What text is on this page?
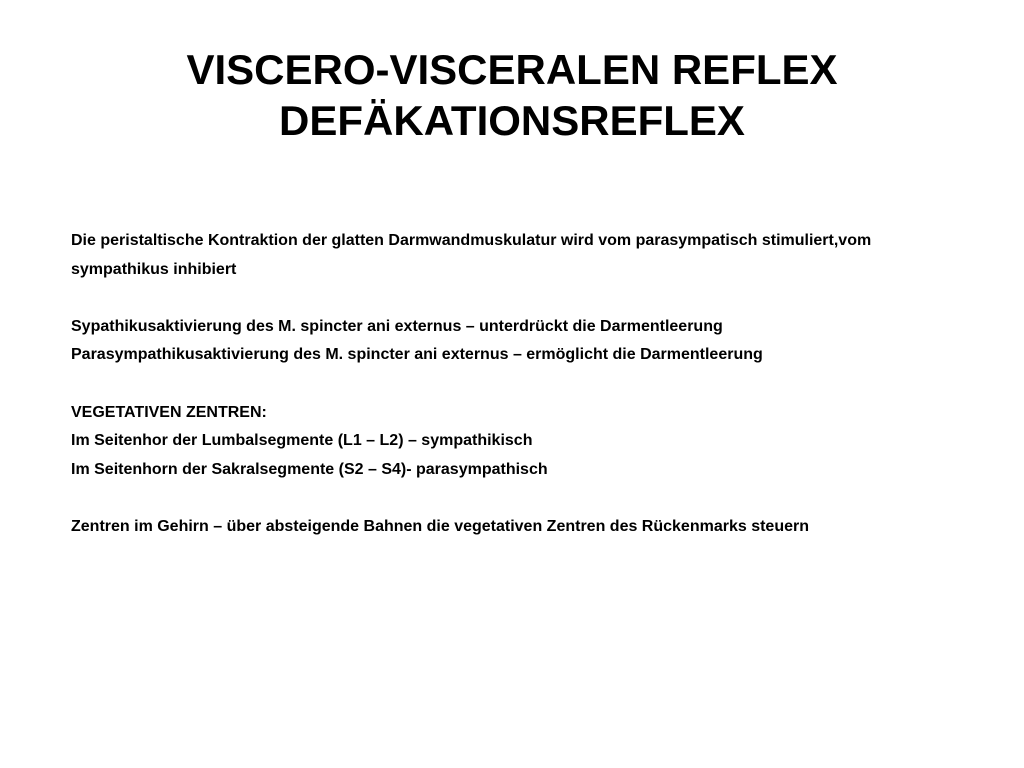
VISCERO-VISCERALEN REFLEX
DEFÄKATIONSREFLEX

Die peristaltische Kontraktion der glatten Darmwandmuskulatur wird vom parasympatisch stimuliert,vom

sympathikus inhibiert

Sypathikusaktivierung des M. spincter ani externus – unterdrückt die Darmentleerung

Parasympathikusaktivierung des M. spincter ani externus – ermöglicht die Darmentleerung

VEGETATIVEN ZENTREN:

Im Seitenhor der Lumbalsegmente (L1 – L2) – sympathikisch

Im Seitenhorn der Sakralsegmente (S2 – S4)- parasympathisch

Zentren im Gehirn – über absteigende Bahnen die vegetativen Zentren des Rückenmarks steuern
